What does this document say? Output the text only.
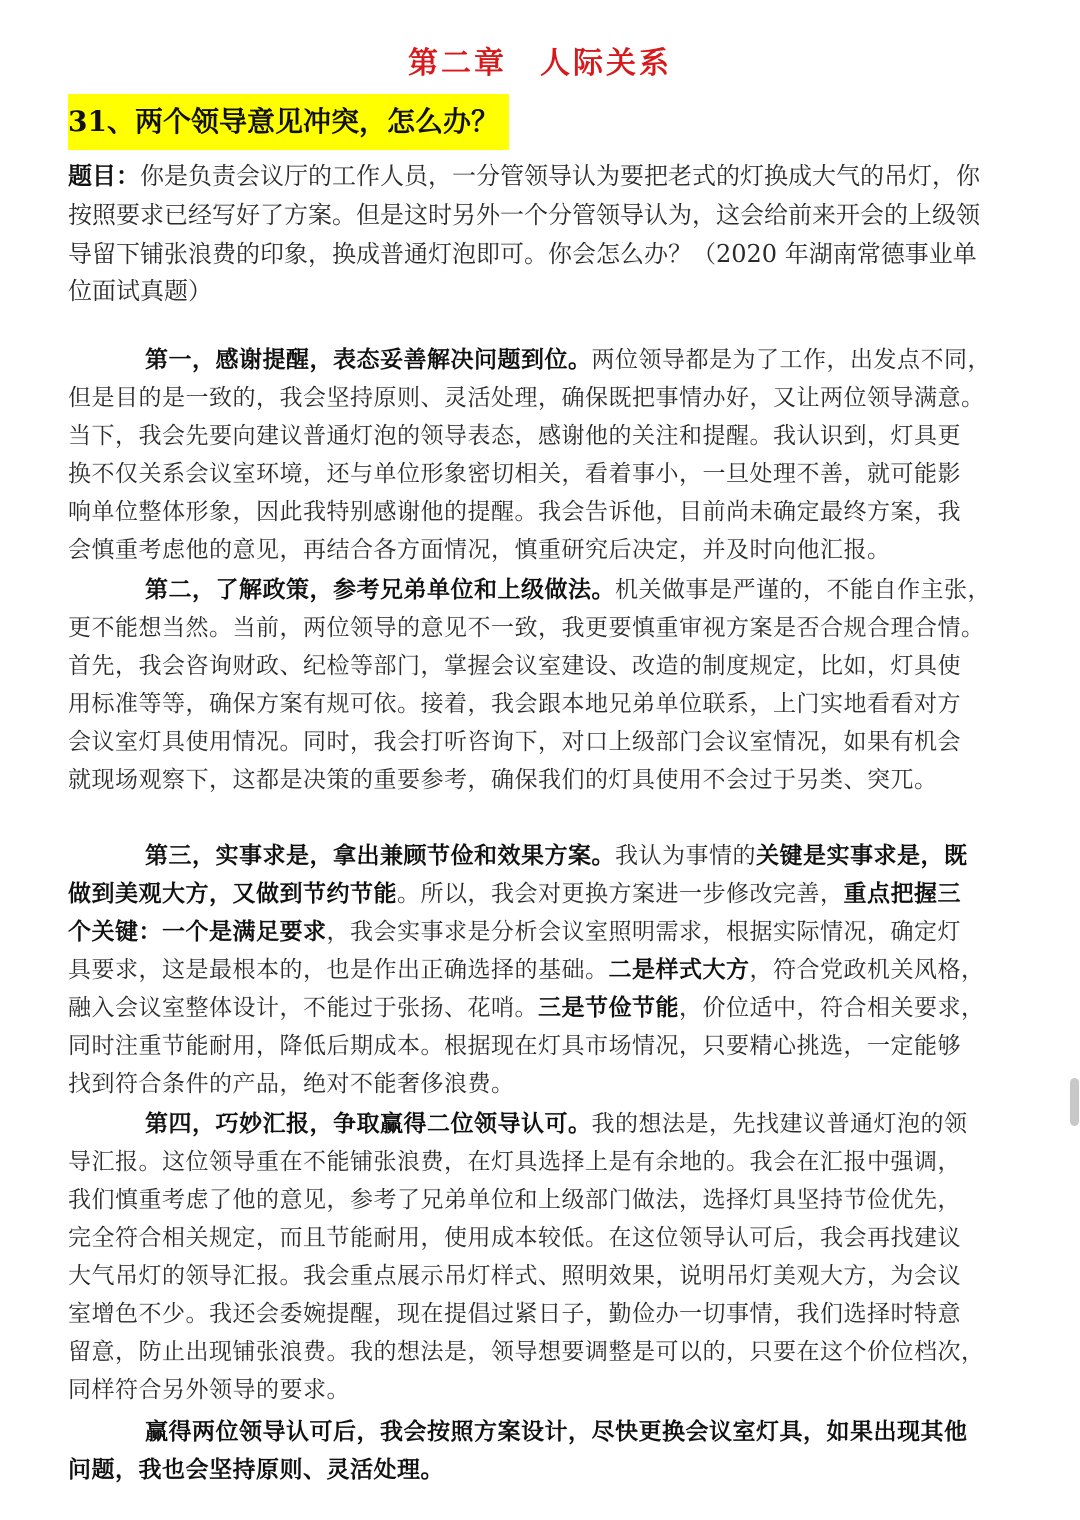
第二章　人际关系
31、两个领导意见冲突，怎么办？
题目：你是负责会议厅的工作人员，一分管领导认为要把老式的灯换成大气的吊灯，你
按照要求已经写好了方案。但是这时另外一个分管领导认为，这会给前来开会的上级领
导留下铺张浪费的印象，换成普通灯泡即可。你会怎么办？（2020 年湖南常德事业单
位面试真题）
第一，感谢提醒，表态妥善解决问题到位。两位领导都是为了工作，出发点不同，
但是目的是一致的，我会坚持原则、灵活处理，确保既把事情办好，又让两位领导满意。
当下，我会先要向建议普通灯泡的领导表态，感谢他的关注和提醒。我认识到，灯具更
换不仅关系会议室环境，还与单位形象密切相关，看着事小，一旦处理不善，就可能影
响单位整体形象，因此我特别感谢他的提醒。我会告诉他，目前尚未确定最终方案，我
会慎重考虑他的意见，再结合各方面情况，慎重研究后决定，并及时向他汇报。
第二，了解政策，参考兄弟单位和上级做法。机关做事是严谨的，不能自作主张，
更不能想当然。当前，两位领导的意见不一致，我更要慎重审视方案是否合规合理合情。
首先，我会咨询财政、纪检等部门，掌握会议室建设、改造的制度规定，比如，灯具使
用标准等等，确保方案有规可依。接着，我会跟本地兄弟单位联系，上门实地看看对方
会议室灯具使用情况。同时，我会打听咨询下，对口上级部门会议室情况，如果有机会
就现场观察下，这都是决策的重要参考，确保我们的灯具使用不会过于另类、突兀。
第三，实事求是，拿出兼顾节俭和效果方案。我认为事情的关键是实事求是，既
做到美观大方，又做到节约节能。所以，我会对更换方案进一步修改完善，重点把握三
个关键：一个是满足要求，我会实事求是分析会议室照明需求，根据实际情况，确定灯
具要求，这是最根本的，也是作出正确选择的基础。二是样式大方，符合党政机关风格，
融入会议室整体设计，不能过于张扬、花哨。三是节俭节能，价位适中，符合相关要求，
同时注重节能耐用，降低后期成本。根据现在灯具市场情况，只要精心挑选，一定能够
找到符合条件的产品，绝对不能奢侈浪费。
第四，巧妙汇报，争取赢得二位领导认可。我的想法是，先找建议普通灯泡的领
导汇报。这位领导重在不能铺张浪费，在灯具选择上是有余地的。我会在汇报中强调，
我们慎重考虑了他的意见，参考了兄弟单位和上级部门做法，选择灯具坚持节俭优先，
完全符合相关规定，而且节能耐用，使用成本较低。在这位领导认可后，我会再找建议
大气吊灯的领导汇报。我会重点展示吊灯样式、照明效果，说明吊灯美观大方，为会议
室增色不少。我还会委婉提醒，现在提倡过紧日子，勤俭办一切事情，我们选择时特意
留意，防止出现铺张浪费。我的想法是，领导想要调整是可以的，只要在这个价位档次，
同样符合另外领导的要求。
赢得两位领导认可后，我会按照方案设计，尽快更换会议室灯具，如果出现其他
问题，我也会坚持原则、灵活处理。
